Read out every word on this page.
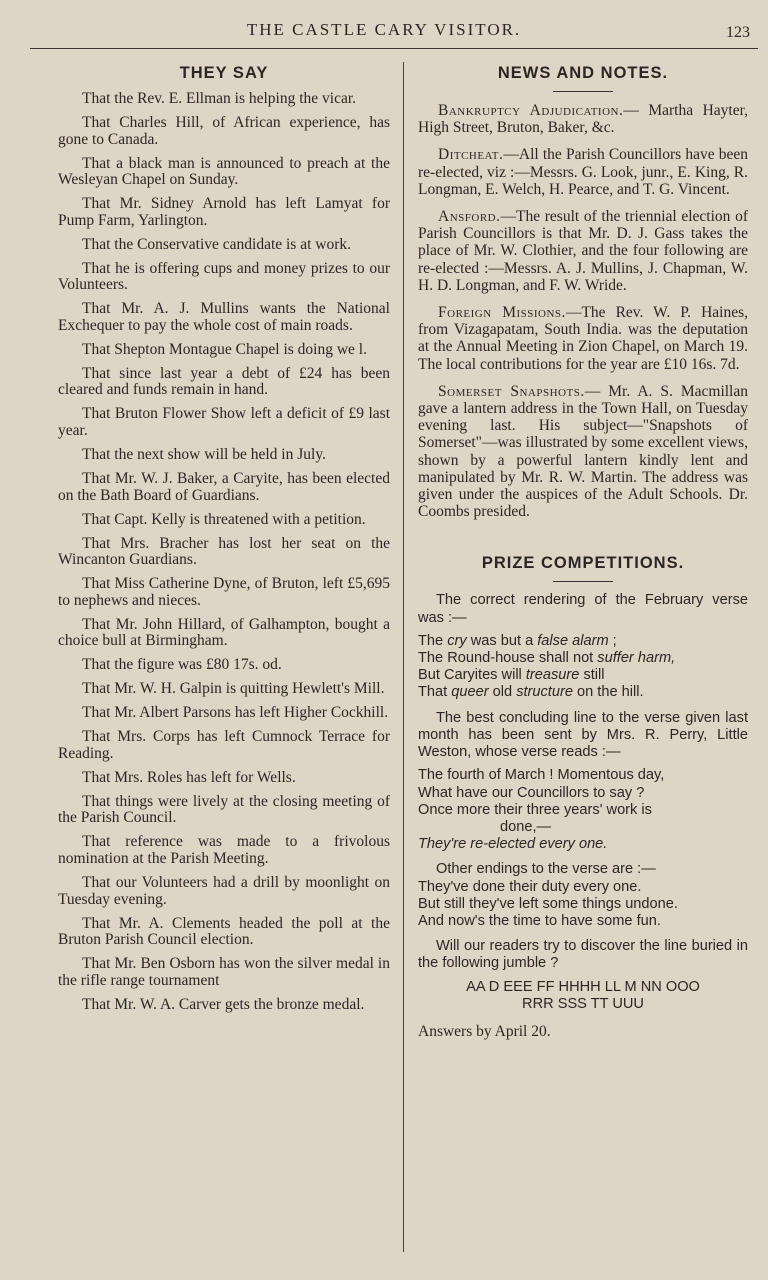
THE CASTLE CARY VISITOR.	123
THEY SAY

That the Rev. E. Ellman is helping the vicar.

That Charles Hill, of African experience, has gone to Canada.

That a black man is announced to preach at the Wesleyan Chapel on Sunday.

That Mr. Sidney Arnold has left Lamyat for Pump Farm, Yarlington.

That the Conservative candidate is at work.

That he is offering cups and money prizes to our Volunteers.

That Mr. A. J. Mullins wants the National Exchequer to pay the whole cost of main roads.

That Shepton Montague Chapel is doing we l.

That since last year a debt of £24 has been cleared and funds remain in hand.

That Bruton Flower Show left a deficit of £9 last year.

That the next show will be held in July.

That Mr. W. J. Baker, a Caryite, has been elected on the Bath Board of Guardians.

That Capt. Kelly is threatened with a petition.

That Mrs. Bracher has lost her seat on the Wincanton Guardians.

That Miss Catherine Dyne, of Bruton, left £5,695 to nephews and nieces.

That Mr. John Hillard, of Galhampton, bought a choice bull at Birmingham.

That the figure was £80 17s. od.

That Mr. W. H. Galpin is quitting Hewlett's Mill.

That Mr. Albert Parsons has left Higher Cockhill.

That Mrs. Corps has left Cumnock Terrace for Reading.

That Mrs. Roles has left for Wells.

That things were lively at the closing meeting of the Parish Council.

That reference was made to a frivolous nomination at the Parish Meeting.

That our Volunteers had a drill by moonlight on Tuesday evening.

That Mr. A. Clements headed the poll at the Bruton Parish Council election.

That Mr. Ben Osborn has won the silver medal in the rifle range tournament

That Mr. W. A. Carver gets the bronze medal.

NEWS AND NOTES.

Bankruptcy Adjudication.— Martha Hayter, High Street, Bruton, Baker, &c.

Ditcheat.—All the Parish Councillors have been re-elected, viz :—Messrs. G. Look, junr., E. King, R. Longman, E. Welch, H. Pearce, and T. G. Vincent.

Ansford.—The result of the triennial election of Parish Councillors is that Mr. D. J. Gass takes the place of Mr. W. Clothier, and the four following are re-elected :—Messrs. A. J. Mullins, J. Chapman, W. H. D. Longman, and F. W. Wride.

Foreign Missions.—The Rev. W. P. Haines, from Vizagapatam, South India. was the deputation at the Annual Meeting in Zion Chapel, on March 19. The local contributions for the year are £10 16s. 7d.

Somerset Snapshots.— Mr. A. S. Macmillan gave a lantern address in the Town Hall, on Tuesday evening last. His subject—"Snapshots of Somerset"—was illustrated by some excellent views, shown by a powerful lantern kindly lent and manipulated by Mr. R. W. Martin. The address was given under the auspices of the Adult Schools. Dr. Coombs presided.

PRIZE COMPETITIONS.

The correct rendering of the February verse was :—

The cry was but a false alarm ;

The Round-house shall not suffer harm,

But Caryites will treasure still

That queer old structure on the hill.

The best concluding line to the verse given last month has been sent by Mrs. R. Perry, Little Weston, whose verse reads :—

The fourth of March ! Momentous day,

What have our Councillors to say ?

Once more their three years' work is

done,—

They're re-elected every one.

Other endings to the verse are :—

They've done their duty every one.

But still they've left some things undone.

And now's the time to have some fun.

Will our readers try to discover the line buried in the following jumble ?

AA D EEE FF HHHH LL M NN OOO
RRR SSS TT UUU

Answers by April 20.
